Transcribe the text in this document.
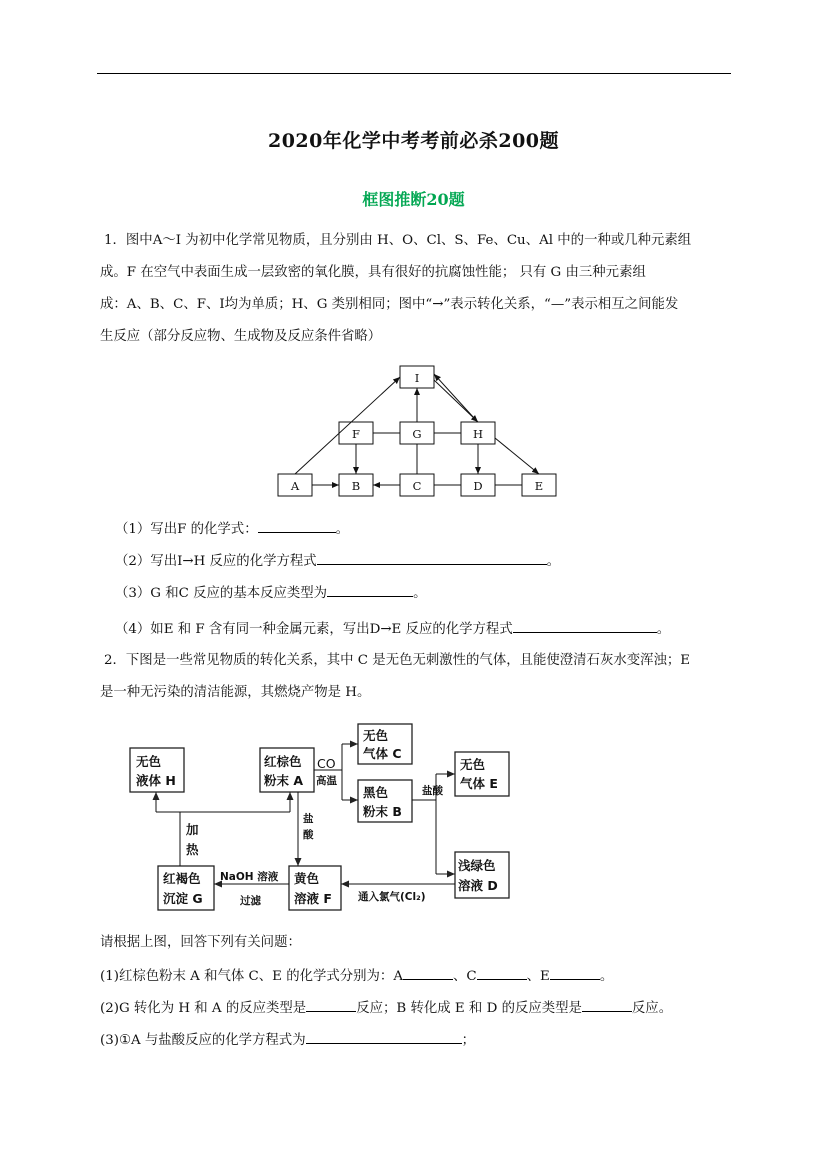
2020年化学中考考前必杀200题
框图推断20题
1．图中A～I 为初中化学常见物质，且分别由 H、O、Cl、S、Fe、Cu、Al 中的一种或几种元素组
成。F 在空气中表面生成一层致密的氧化膜，具有很好的抗腐蚀性能； 只有 G 由三种元素组
成：A、B、C、F、I均为单质；H、G 类别相同；图中“→”表示转化关系，“—”表示相互之间能发
生反应（部分反应物、生成物及反应条件省略）
I
F	G	H
A	B	C	D	E
（1）写出F 的化学式：	。
（2）写出I→H 反应的化学方程式	。
（3）G 和C 反应的基本反应类型为	。
（4）如E 和 F 含有同一种金属元素，写出D→E 反应的化学方程式	。
2．下图是一些常见物质的转化关系，其中 C 是无色无刺激性的气体，且能使澄清石灰水变浑浊；E
是一种无污染的清洁能源，其燃烧产物是 H。
无色
液体 H
红棕色
粉末 A
无色
气体 C
黑色
粉末 B
无色
气体 E
浅绿色
溶液 D
红褐色
沉淀 G
黄色
溶液 F
CO
高温
盐酸
通入氯气(Cl₂)
盐
酸
NaOH 溶液
过滤
加
热
请根据上图，回答下列有关问题：
(1)红棕色粉末 A 和气体 C、E 的化学式分别为：A	、C	、E	。
(2)G 转化为 H 和 A 的反应类型是	反应；B 转化成 E 和 D 的反应类型是	反应。
(3)①A 与盐酸反应的化学方程式为	；
